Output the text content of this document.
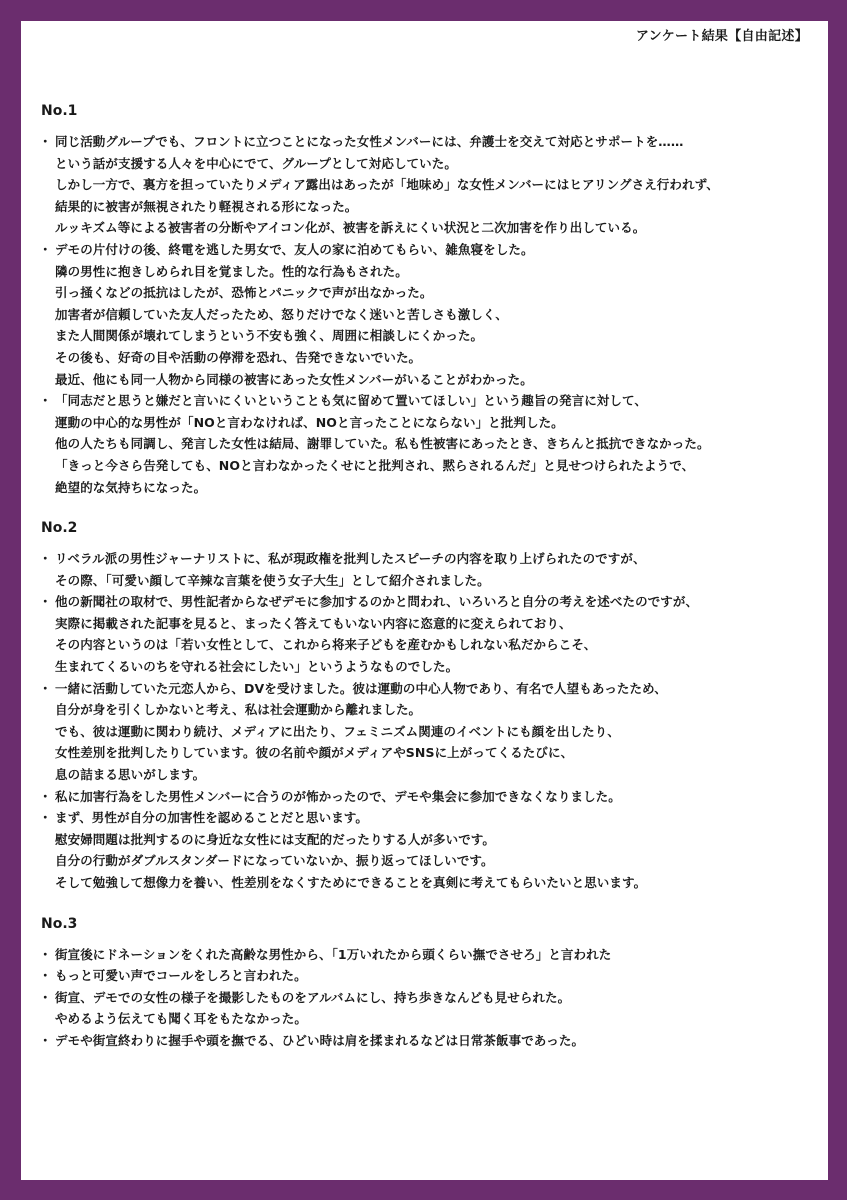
アンケート結果【自由記述】
No.1
・ 同じ活動グループでも、フロントに立つことになった女性メンバーには、弁護士を交えて対応とサポートを……
という話が支援する人々を中心にでて、グループとして対応していた。
しかし一方で、裏方を担っていたりメディア露出はあったが「地味め」な女性メンバーにはヒアリングさえ行われず、
結果的に被害が無視されたり軽視される形になった。
ルッキズム等による被害者の分断やアイコン化が、被害を訴えにくい状況と二次加害を作り出している。
・ デモの片付けの後、終電を逃した男女で、友人の家に泊めてもらい、雑魚寝をした。
隣の男性に抱きしめられ目を覚ました。性的な行為もされた。
引っ掻くなどの抵抗はしたが、恐怖とパニックで声が出なかった。
加害者が信頼していた友人だったため、怒りだけでなく迷いと苦しさも激しく、
また人間関係が壊れてしまうという不安も強く、周囲に相談しにくかった。
その後も、好奇の目や活動の停滞を恐れ、告発できないでいた。
最近、他にも同一人物から同様の被害にあった女性メンバーがいることがわかった。
・ 「同志だと思うと嫌だと言いにくいということも気に留めて置いてほしい」という趣旨の発言に対して、
運動の中心的な男性が「NOと言わなければ、NOと言ったことにならない」と批判した。
他の人たちも同調し、発言した女性は結局、謝罪していた。私も性被害にあったとき、きちんと抵抗できなかった。
「きっと今さら告発しても、NOと言わなかったくせにと批判され、黙らされるんだ」と見せつけられたようで、
絶望的な気持ちになった。
No.2
・ リベラル派の男性ジャーナリストに、私が現政権を批判したスピーチの内容を取り上げられたのですが、
その際、「可愛い顔して辛辣な言葉を使う女子大生」として紹介されました。
・ 他の新聞社の取材で、男性記者からなぜデモに参加するのかと問われ、いろいろと自分の考えを述べたのですが、
実際に掲載された記事を見ると、まったく答えてもいない内容に恣意的に変えられており、
その内容というのは「若い女性として、これから将来子どもを産むかもしれない私だからこそ、
生まれてくるいのちを守れる社会にしたい」というようなものでした。
・ 一緒に活動していた元恋人から、DVを受けました。彼は運動の中心人物であり、有名で人望もあったため、
自分が身を引くしかないと考え、私は社会運動から離れました。
でも、彼は運動に関わり続け、メディアに出たり、フェミニズム関連のイベントにも顔を出したり、
女性差別を批判したりしています。彼の名前や顔がメディアやSNSに上がってくるたびに、
息の詰まる思いがします。
・ 私に加害行為をした男性メンバーに合うのが怖かったので、デモや集会に参加できなくなりました。
・ まず、男性が自分の加害性を認めることだと思います。
慰安婦問題は批判するのに身近な女性には支配的だったりする人が多いです。
自分の行動がダブルスタンダードになっていないか、振り返ってほしいです。
そして勉強して想像力を養い、性差別をなくすためにできることを真剣に考えてもらいたいと思います。
No.3
・ 街宣後にドネーションをくれた高齢な男性から、「1万いれたから頭くらい撫でさせろ」と言われた
・ もっと可愛い声でコールをしろと言われた。
・ 街宣、デモでの女性の様子を撮影したものをアルバムにし、持ち歩きなんども見せられた。
やめるよう伝えても聞く耳をもたなかった。
・ デモや街宣終わりに握手や頭を撫でる、ひどい時は肩を揉まれるなどは日常茶飯事であった。
